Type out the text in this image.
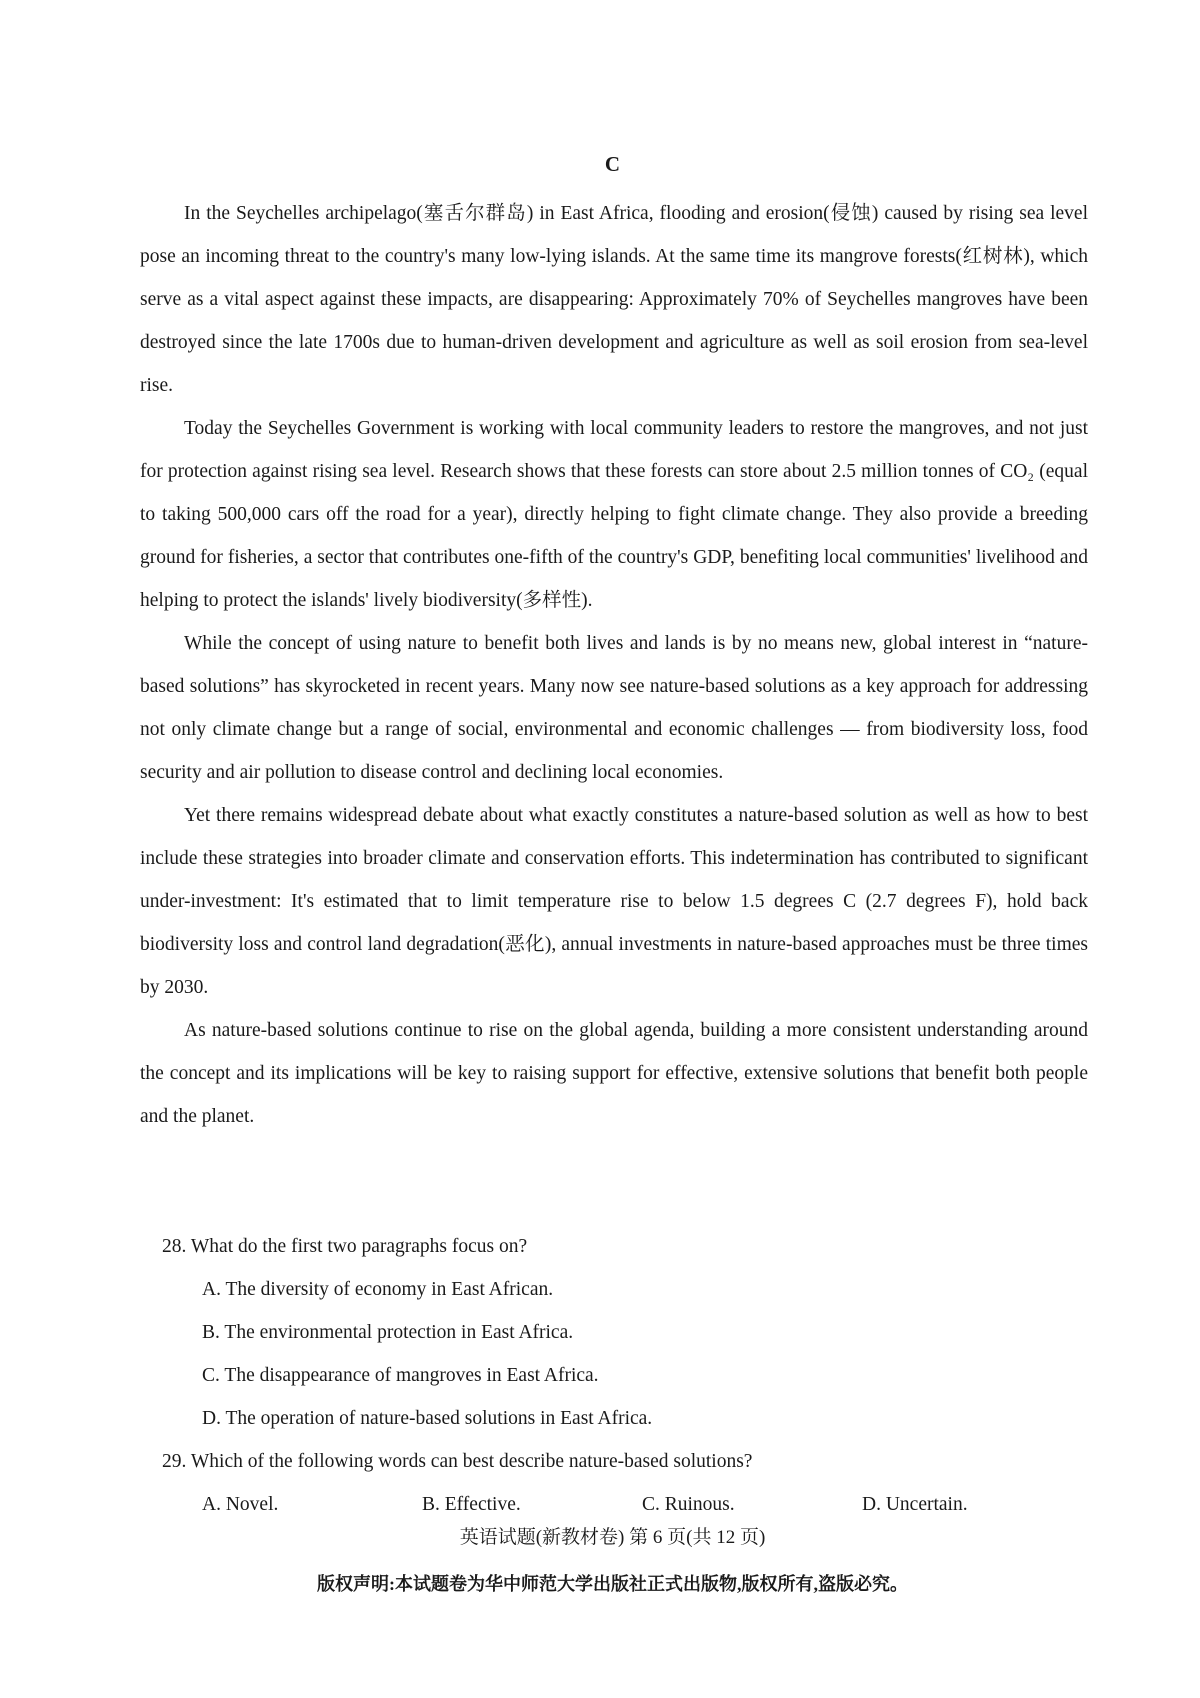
C

In the Seychelles archipelago(塞舌尔群岛) in East Africa, flooding and erosion(侵蚀) caused by rising sea level pose an incoming threat to the country's many low-lying islands. At the same time its mangrove forests(红树林), which serve as a vital aspect against these impacts, are disappearing: Approximately 70% of Seychelles mangroves have been destroyed since the late 1700s due to human-driven development and agriculture as well as soil erosion from sea-level rise.

Today the Seychelles Government is working with local community leaders to restore the mangroves, and not just for protection against rising sea level. Research shows that these forests can store about 2.5 million tonnes of CO₂ (equal to taking 500,000 cars off the road for a year), directly helping to fight climate change. They also provide a breeding ground for fisheries, a sector that contributes one-fifth of the country's GDP, benefiting local communities' livelihood and helping to protect the islands' lively biodiversity(多样性).

While the concept of using nature to benefit both lives and lands is by no means new, global interest in “nature-based solutions” has skyrocketed in recent years. Many now see nature-based solutions as a key approach for addressing not only climate change but a range of social, environmental and economic challenges — from biodiversity loss, food security and air pollution to disease control and declining local economies.

Yet there remains widespread debate about what exactly constitutes a nature-based solution as well as how to best include these strategies into broader climate and conservation efforts. This indetermination has contributed to significant under-investment: It's estimated that to limit temperature rise to below 1.5 degrees C (2.7 degrees F), hold back biodiversity loss and control land degradation(恶化), annual investments in nature-based approaches must be three times by 2030.

As nature-based solutions continue to rise on the global agenda, building a more consistent understanding around the concept and its implications will be key to raising support for effective, extensive solutions that benefit both people and the planet.

28. What do the first two paragraphs focus on?

A. The diversity of economy in East African.
B. The environmental protection in East Africa.
C. The disappearance of mangroves in East Africa.
D. The operation of nature-based solutions in East Africa.

29. Which of the following words can best describe nature-based solutions?

A. Novel.	B. Effective.	C. Ruinous.	D. Uncertain.
英语试题(新教材卷) 第 6 页(共 12 页)
版权声明:本试题卷为华中师范大学出版社正式出版物,版权所有,盗版必究。
